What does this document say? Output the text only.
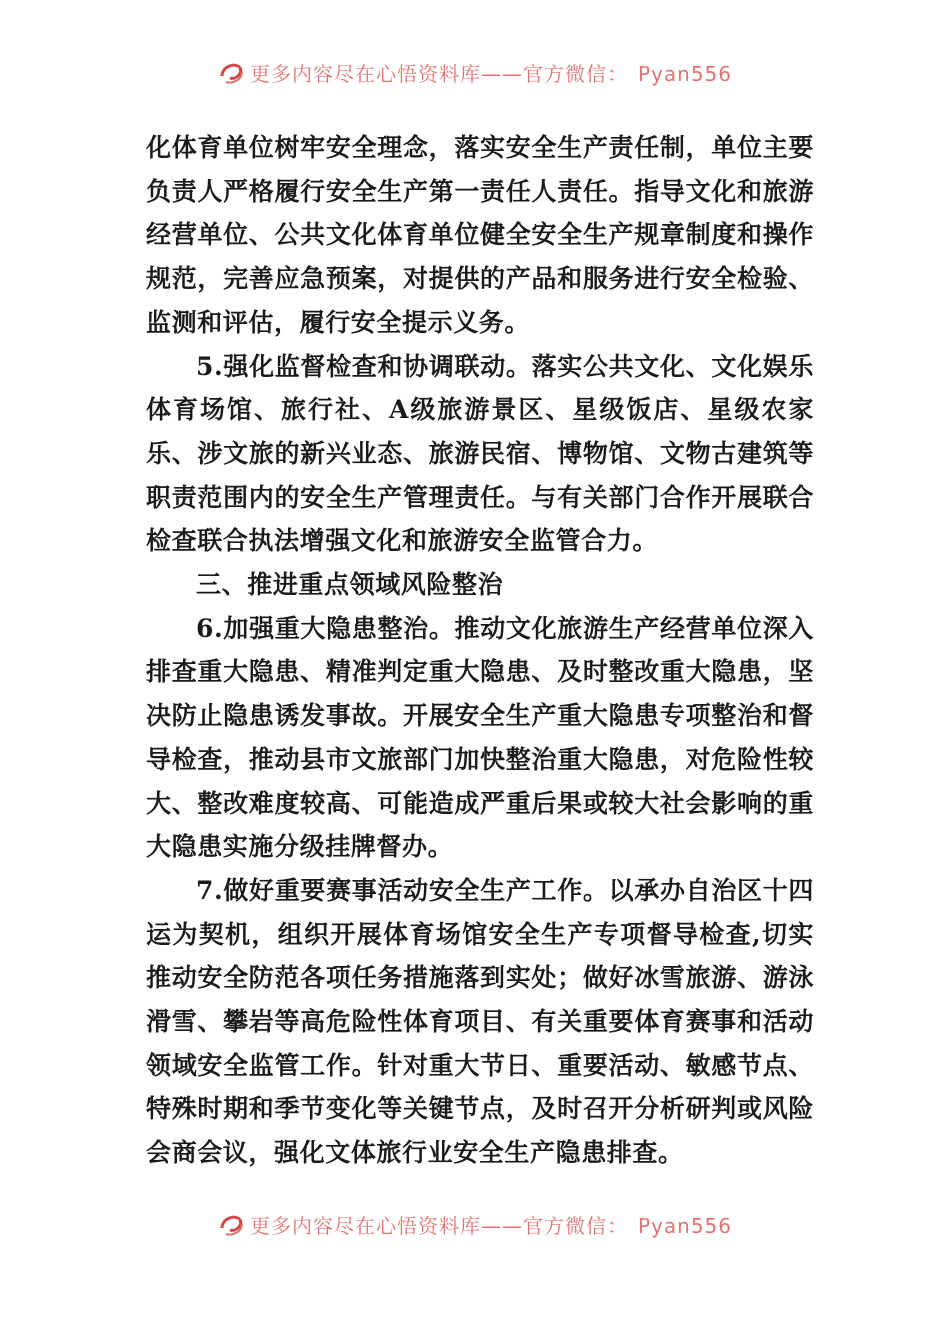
更多内容尽在心悟资料库——官方微信： Pyan556

化体育单位树牢安全理念，落实安全生产责任制，单位主要负责人严格履行安全生产第一责任人责任。指导文化和旅游经营单位、公共文化体育单位健全安全生产规章制度和操作规范，完善应急预案，对提供的产品和服务进行安全检验、监测和评估，履行安全提示义务。

5.强化监督检查和协调联动。落实公共文化、文化娱乐体育场馆、旅行社、A级旅游景区、星级饭店、星级农家乐、涉文旅的新兴业态、旅游民宿、博物馆、文物古建筑等职责范围内的安全生产管理责任。与有关部门合作开展联合检查联合执法增强文化和旅游安全监管合力。

三、推进重点领域风险整治

6.加强重大隐患整治。推动文化旅游生产经营单位深入排查重大隐患、精准判定重大隐患、及时整改重大隐患，坚决防止隐患诱发事故。开展安全生产重大隐患专项整治和督导检查，推动县市文旅部门加快整治重大隐患，对危险性较大、整改难度较高、可能造成严重后果或较大社会影响的重大隐患实施分级挂牌督办。

7.做好重要赛事活动安全生产工作。以承办自治区十四运为契机，组织开展体育场馆安全生产专项督导检查,切实推动安全防范各项任务措施落到实处；做好冰雪旅游、游泳滑雪、攀岩等高危险性体育项目、有关重要体育赛事和活动领域安全监管工作。针对重大节日、重要活动、敏感节点、特殊时期和季节变化等关键节点，及时召开分析研判或风险会商会议，强化文体旅行业安全生产隐患排查。

更多内容尽在心悟资料库——官方微信： Pyan556
